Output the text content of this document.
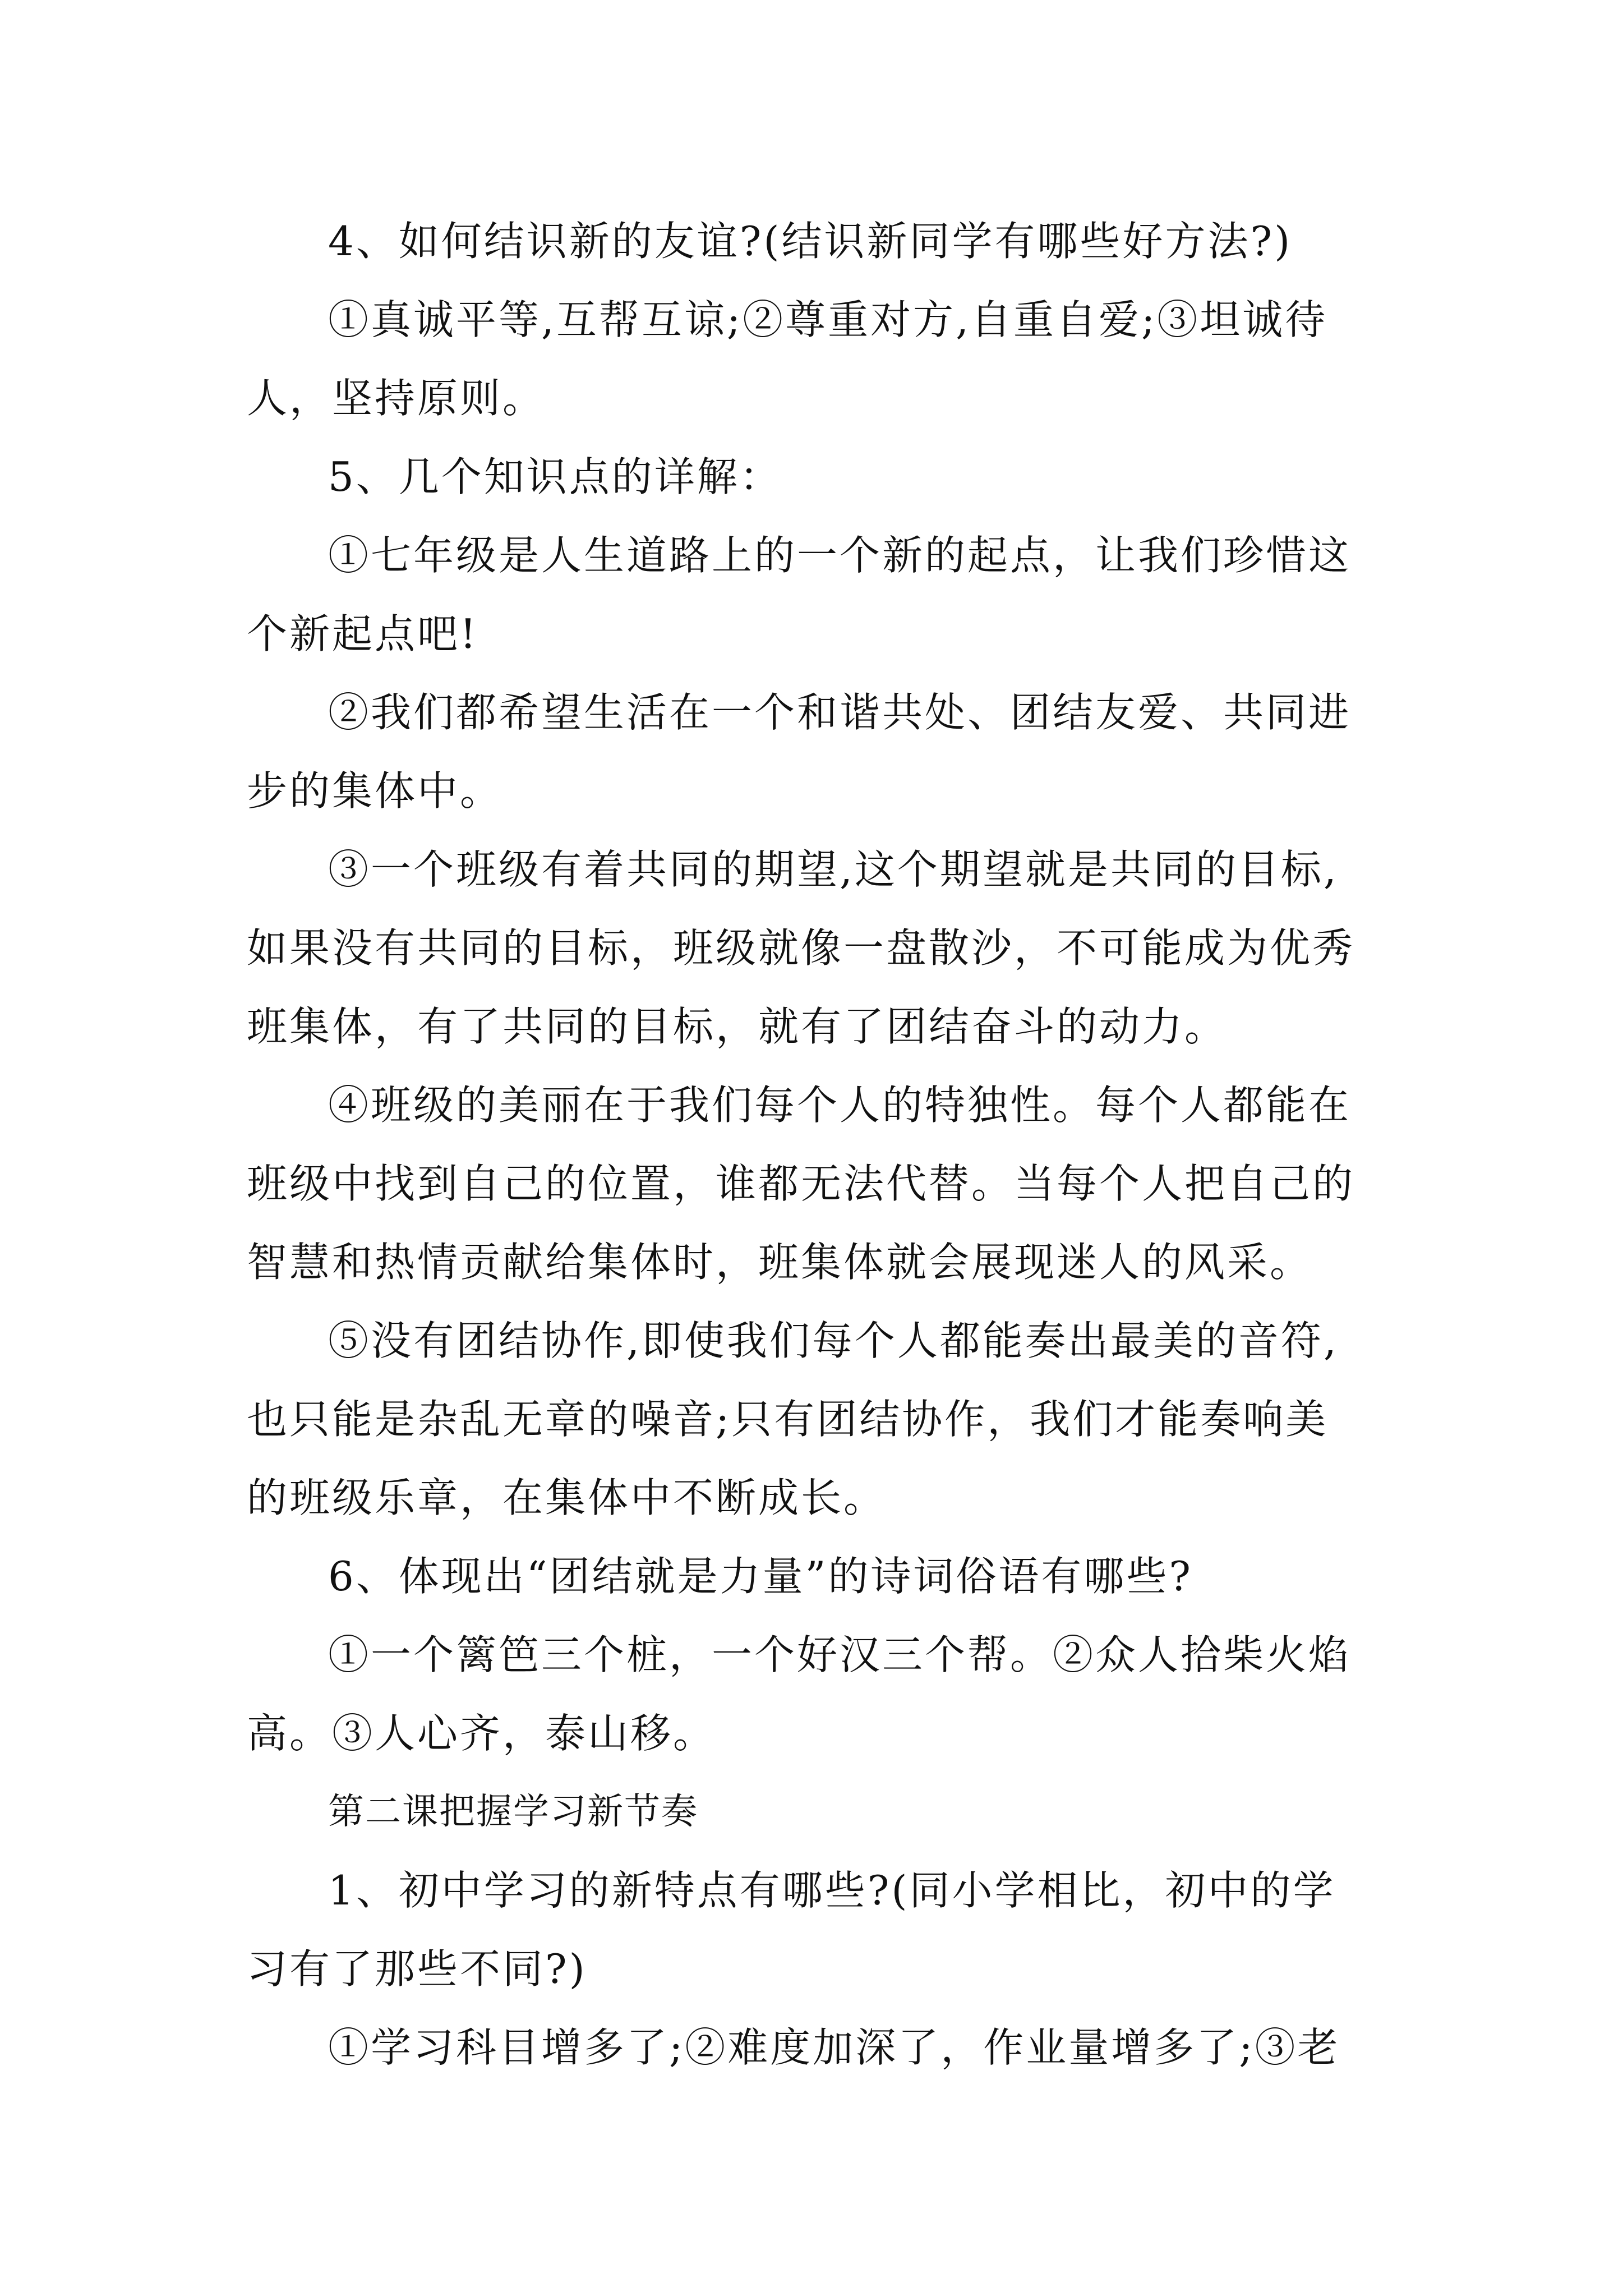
4、如何结识新的友谊?(结识新同学有哪些好方法?)

①真诚平等,互帮互谅;②尊重对方,自重自爱;③坦诚待

人，坚持原则。

5、几个知识点的详解：

①七年级是人生道路上的一个新的起点，让我们珍惜这

个新起点吧!

②我们都希望生活在一个和谐共处、团结友爱、共同进

步的集体中。

③一个班级有着共同的期望,这个期望就是共同的目标,

如果没有共同的目标，班级就像一盘散沙，不可能成为优秀

班集体，有了共同的目标，就有了团结奋斗的动力。

④班级的美丽在于我们每个人的特独性。每个人都能在

班级中找到自己的位置，谁都无法代替。当每个人把自己的

智慧和热情贡献给集体时，班集体就会展现迷人的风采。

⑤没有团结协作,即使我们每个人都能奏出最美的音符,

也只能是杂乱无章的噪音;只有团结协作，我们才能奏响美

的班级乐章，在集体中不断成长。

6、体现出“团结就是力量”的诗词俗语有哪些?

①一个篱笆三个桩，一个好汉三个帮。②众人拾柴火焰

高。③人心齐，泰山移。

第二课把握学习新节奏

1、初中学习的新特点有哪些?(同小学相比，初中的学

习有了那些不同?)

①学习科目增多了;②难度加深了，作业量增多了;③老
